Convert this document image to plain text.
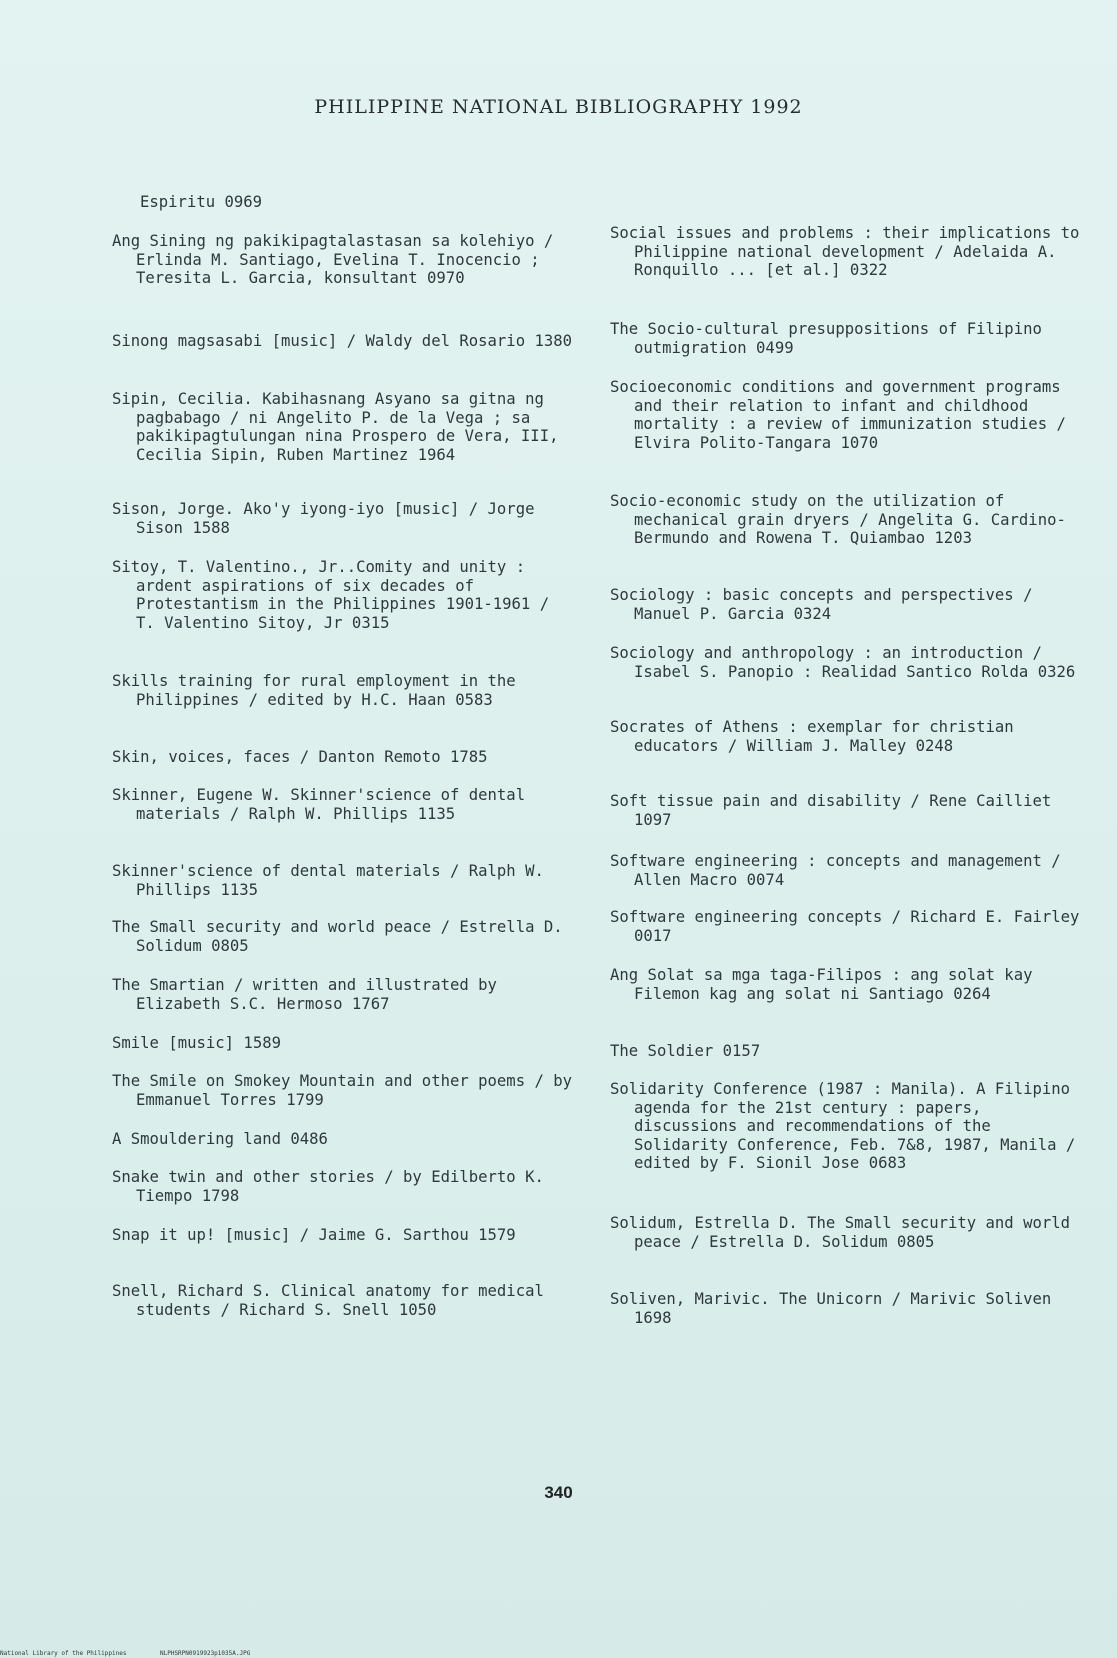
PHILIPPINE NATIONAL BIBLIOGRAPHY 1992

Espiritu 0969

Ang Sining ng pakikipagtalastasan sa kolehiyo / Erlinda M. Santiago, Evelina T. Inocencio ; Teresita L. Garcia, konsultant 0970

Sinong magsasabi [music] / Waldy del Rosario 1380

Sipin, Cecilia. Kabihasnang Asyano sa gitna ng pagbabago / ni Angelito P. de la Vega ; sa pakikipagtulungan nina Prospero de Vera, III, Cecilia Sipin, Ruben Martinez 1964

Sison, Jorge. Ako'y iyong-iyo [music] / Jorge Sison 1588

Sitoy, T. Valentino., Jr..Comity and unity : ardent aspirations of six decades of Protestantism in the Philippines 1901-1961 / T. Valentino Sitoy, Jr 0315

Skills training for rural employment in the Philippines / edited by H.C. Haan 0583

Skin, voices, faces / Danton Remoto 1785

Skinner, Eugene W. Skinner'science of dental materials / Ralph W. Phillips 1135

Skinner'science of dental materials / Ralph W. Phillips 1135

The Small security and world peace / Estrella D. Solidum 0805

The Smartian / written and illustrated by Elizabeth S.C. Hermoso 1767

Smile [music] 1589

The Smile on Smokey Mountain and other poems / by Emmanuel Torres 1799

A Smouldering land 0486

Snake twin and other stories / by Edilberto K. Tiempo 1798

Snap it up! [music] / Jaime G. Sarthou 1579

Snell, Richard S. Clinical anatomy for medical students / Richard S. Snell 1050

Social issues and problems : their implications to Philippine national development / Adelaida A. Ronquillo ... [et al.] 0322

The Socio-cultural presuppositions of Filipino outmigration 0499

Socioeconomic conditions and government programs and their relation to infant and childhood mortality : a review of immunization studies / Elvira Polito-Tangara 1070

Socio-economic study on the utilization of mechanical grain dryers / Angelita G. Cardino-Bermundo and Rowena T. Quiambao 1203

Sociology : basic concepts and perspectives / Manuel P. Garcia 0324

Sociology and anthropology : an introduction / Isabel S. Panopio : Realidad Santico Rolda 0326

Socrates of Athens : exemplar for christian educators / William J. Malley 0248

Soft tissue pain and disability / Rene Cailliet 1097

Software engineering : concepts and management / Allen Macro 0074

Software engineering concepts / Richard E. Fairley 0017

Ang Solat sa mga taga-Filipos : ang solat kay Filemon kag ang solat ni Santiago 0264

The Soldier 0157

Solidarity Conference (1987 : Manila). A Filipino agenda for the 21st century : papers, discussions and recommendations of the Solidarity Conference, Feb. 7&8, 1987, Manila / edited by F. Sionil Jose 0683

Solidum, Estrella D. The Small security and world peace / Estrella D. Solidum 0805

Soliven, Marivic. The Unicorn / Marivic Soliven 1698

340
National Library of the Philippines	NLPHSRPN0919923p1035A.JPG
